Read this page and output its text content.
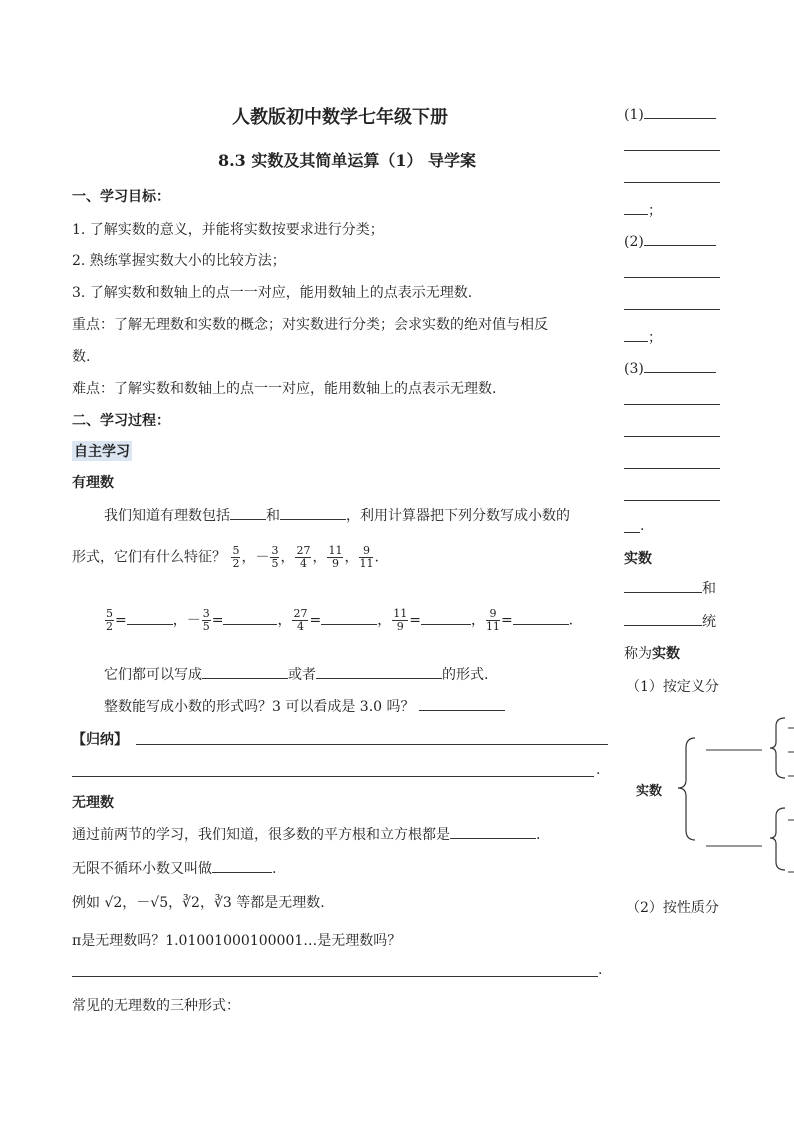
人教版初中数学七年级下册
8.3 实数及其简单运算（1） 导学案
一、学习目标：
1. 了解实数的意义，并能将实数按要求进行分类；
2. 熟练掌握实数大小的比较方法；
3. 了解实数和数轴上的点一一对应，能用数轴上的点表示无理数.
重点：了解无理数和实数的概念；对实数进行分类；会求实数的绝对值与相反
数.
难点：了解实数和数轴上的点一一对应，能用数轴上的点表示无理数.
二、学习过程：
自主学习
有理数
我们知道有理数包括	和	，利用计算器把下列分数写成小数的
形式，它们有什么特征？ $\frac{5}{2}$ ，－ $\frac{3}{5}$ ， $\frac{27}{4}$ ， $\frac{11}{9}$ ， $\frac{9}{11}$ .
$\frac{5}{2}$ =	，－ $\frac{3}{5}$ =	， $\frac{27}{4}$ =	， $\frac{11}{9}$ =	， $\frac{9}{11}$ =	.
它们都可以写成	或者	的形式.
整数能写成小数的形式吗？3 可以看成是 3.0 吗？
【归纳】
.
无理数
通过前两节的学习，我们知道，很多数的平方根和立方根都是	.
无限不循环小数又叫做	.
例如 √2，－√5，∛2，∛3 等都是无理数.
π是无理数吗？1.01001000100001…是无理数吗？
.
常见的无理数的三种形式：
(1)
；
(2)
；
(3)
.
实数
和
统
称为实数
（1）按定义分
实数
（2）按性质分
